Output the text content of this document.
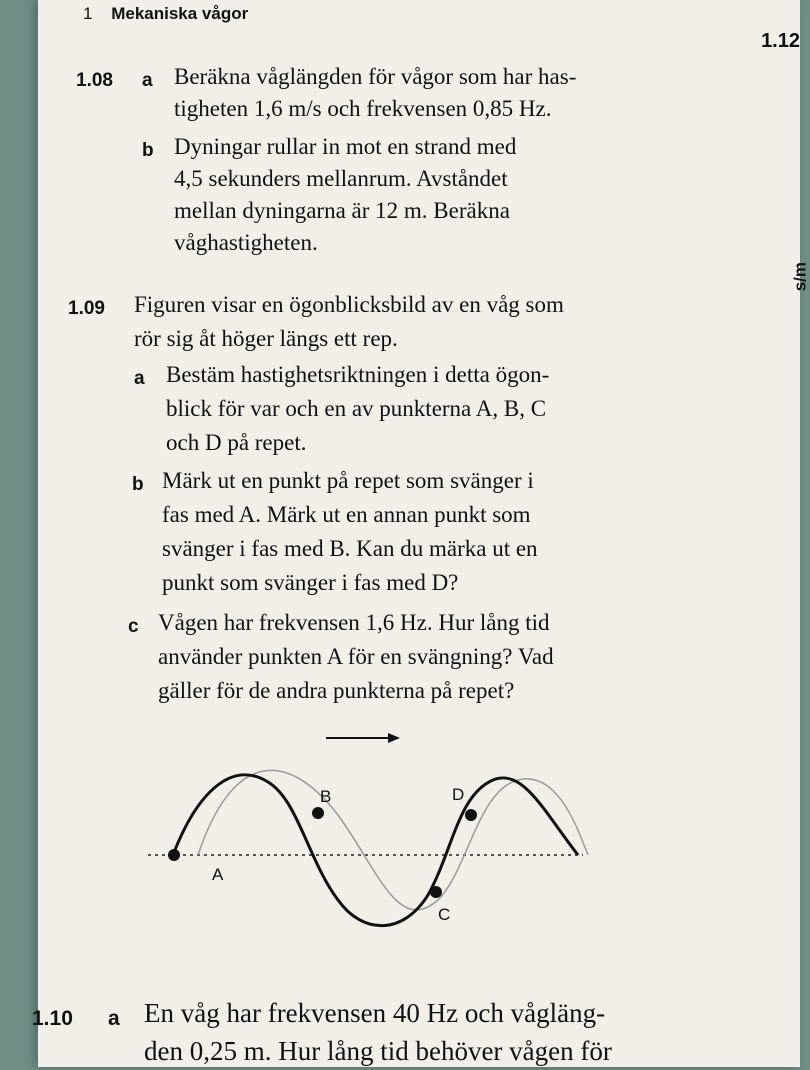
1 Mekaniska vågor
1.12
s/m
1.08 a Beräkna våglängden för vågor som har has-
tigheten 1,6 m/s och frekvensen 0,85 Hz.
b Dyningar rullar in mot en strand med
4,5 sekunders mellanrum. Avståndet
mellan dyningarna är 12 m. Beräkna
våghastigheten.
1.09 Figuren visar en ögonblicksbild av en våg som
rör sig åt höger längs ett rep.
a Bestäm hastighetsriktningen i detta ögon-
blick för var och en av punkterna A, B, C
och D på repet.
b Märk ut en punkt på repet som svänger i
fas med A. Märk ut en annan punkt som
svänger i fas med B. Kan du märka ut en
punkt som svänger i fas med D?
c Vågen har frekvensen 1,6 Hz. Hur lång tid
använder punkten A för en svängning? Vad
gäller för de andra punkterna på repet?
A
B
C
D
1.10 a En våg har frekvensen 40 Hz och vågläng-
den 0,25 m. Hur lång tid behöver vågen för
